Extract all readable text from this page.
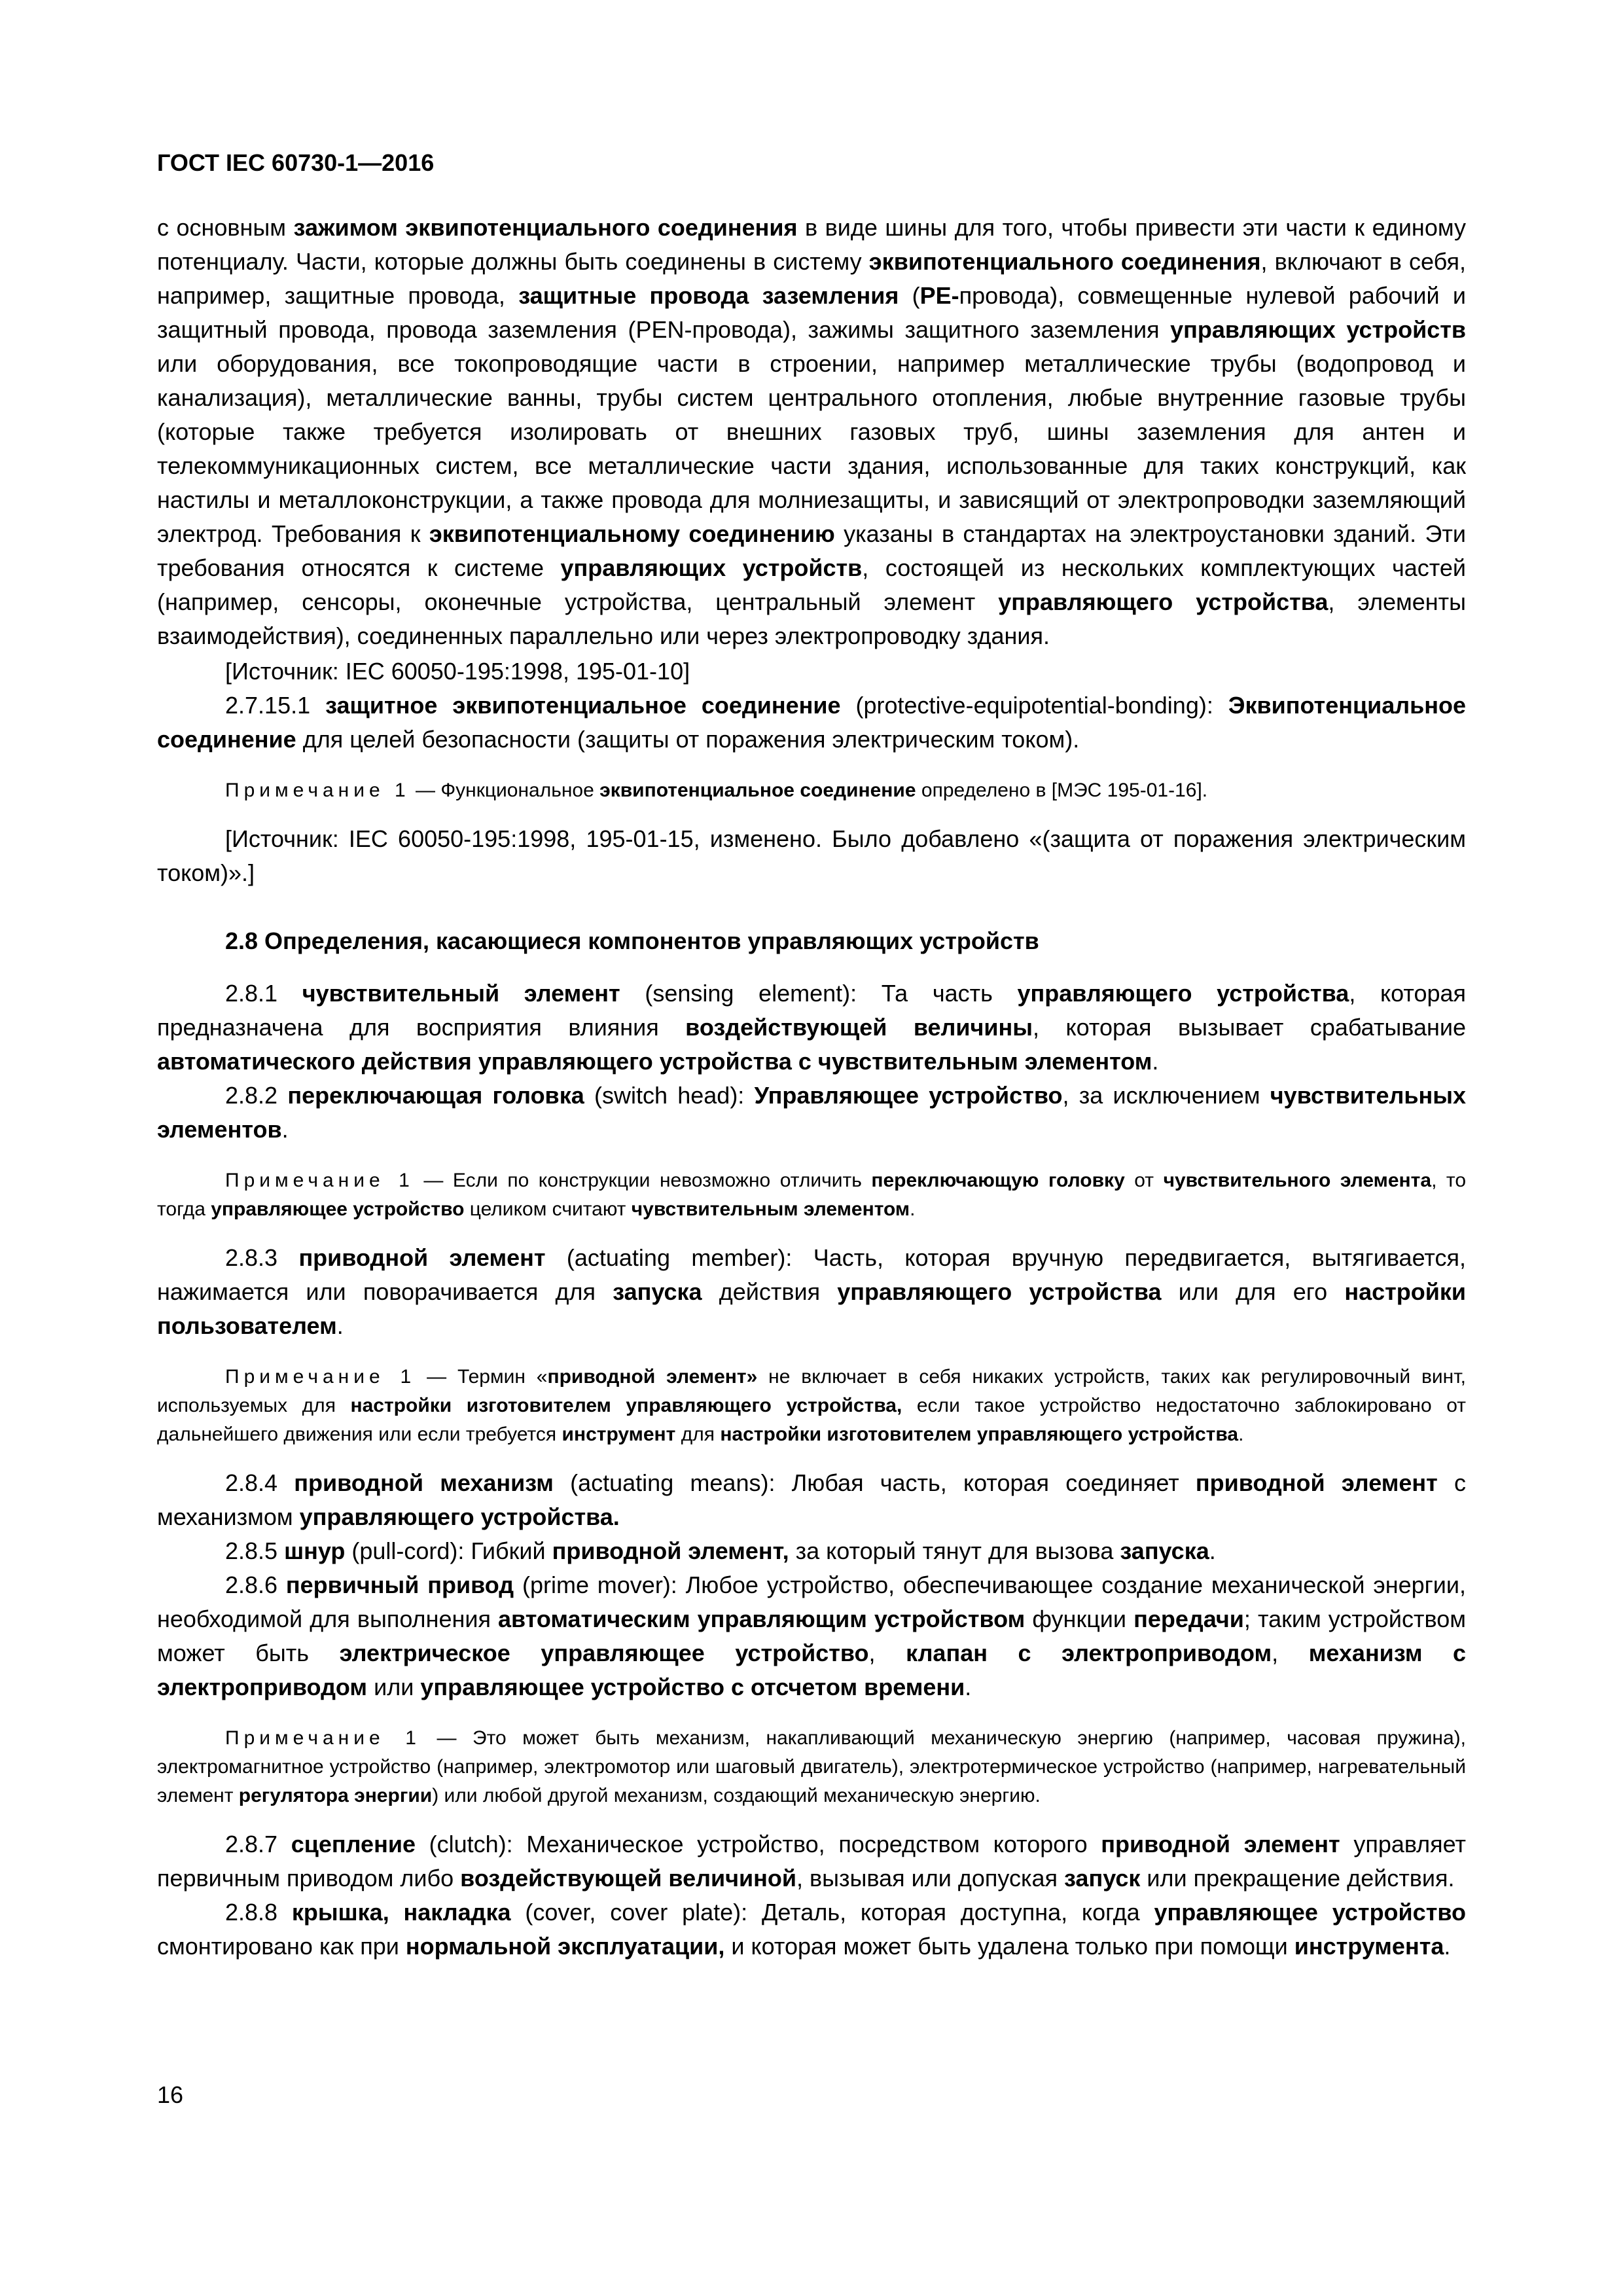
ГОСТ IEC 60730-1—2016

с основным зажимом эквипотенциального соединения в виде шины для того, чтобы привести эти части к единому потенциалу. Части, которые должны быть соединены в систему эквипотенциального соединения, включают в себя, например, защитные провода, защитные провода заземления (PE-провода), совмещенные нулевой рабочий и защитный провода, провода заземления (PEN-провода), зажимы защитного заземления управляющих устройств или оборудования, все токопроводящие части в строении, например металлические трубы (водопровод и канализация), металлические ванны, трубы систем центрального отопления, любые внутренние газовые трубы (которые также требуется изолировать от внешних газовых труб, шины заземления для антен и телекоммуникационных систем, все металлические части здания, использованные для таких конструкций, как настилы и металлоконструкции, а также провода для молниезащиты, и зависящий от электропроводки заземляющий электрод. Требования к эквипотенциальному соединению указаны в стандартах на электроустановки зданий. Эти требования относятся к системе управляющих устройств, состоящей из нескольких комплектующих частей (например, сенсоры, оконечные устройства, центральный элемент управляющего устройства, элементы взаимодействия), соединенных параллельно или через электропроводку здания.

[Источник: IEC 60050-195:1998, 195-01-10]

2.7.15.1 защитное эквипотенциальное соединение (protective-equipotential-bonding): Эквипотенциальное соединение для целей безопасности (защиты от поражения электрическим током).

Примечание 1 — Функциональное эквипотенциальное соединение определено в [МЭС 195-01-16].

[Источник: IEC 60050-195:1998, 195-01-15, изменено. Было добавлено «(защита от поражения электрическим током)».]

2.8 Определения, касающиеся компонентов управляющих устройств

2.8.1 чувствительный элемент (sensing element): Та часть управляющего устройства, которая предназначена для восприятия влияния воздействующей величины, которая вызывает срабатывание автоматического действия управляющего устройства с чувствительным элементом.

2.8.2 переключающая головка (switch head): Управляющее устройство, за исключением чувствительных элементов.

Примечание 1 — Если по конструкции невозможно отличить переключающую головку от чувствительного элемента, то тогда управляющее устройство целиком считают чувствительным элементом.

2.8.3 приводной элемент (actuating member): Часть, которая вручную передвигается, вытягивается, нажимается или поворачивается для запуска действия управляющего устройства или для его настройки пользователем.

Примечание 1 — Термин «приводной элемент» не включает в себя никаких устройств, таких как регулировочный винт, используемых для настройки изготовителем управляющего устройства, если такое устройство недостаточно заблокировано от дальнейшего движения или если требуется инструмент для настройки изготовителем управляющего устройства.

2.8.4 приводной механизм (actuating means): Любая часть, которая соединяет приводной элемент с механизмом управляющего устройства.

2.8.5 шнур (pull-cord): Гибкий приводной элемент, за который тянут для вызова запуска.

2.8.6 первичный привод (prime mover): Любое устройство, обеспечивающее создание механической энергии, необходимой для выполнения автоматическим управляющим устройством функции передачи; таким устройством может быть электрическое управляющее устройство, клапан с электроприводом, механизм с электроприводом или управляющее устройство с отсчетом времени.

Примечание 1 — Это может быть механизм, накапливающий механическую энергию (например, часовая пружина), электромагнитное устройство (например, электромотор или шаговый двигатель), электротермическое устройство (например, нагревательный элемент регулятора энергии) или любой другой механизм, создающий механическую энергию.

2.8.7 сцепление (clutch): Механическое устройство, посредством которого приводной элемент управляет первичным приводом либо воздействующей величиной, вызывая или допуская запуск или прекращение действия.

2.8.8 крышка, накладка (cover, cover plate): Деталь, которая доступна, когда управляющее устройство смонтировано как при нормальной эксплуатации, и которая может быть удалена только при помощи инструмента.

16
